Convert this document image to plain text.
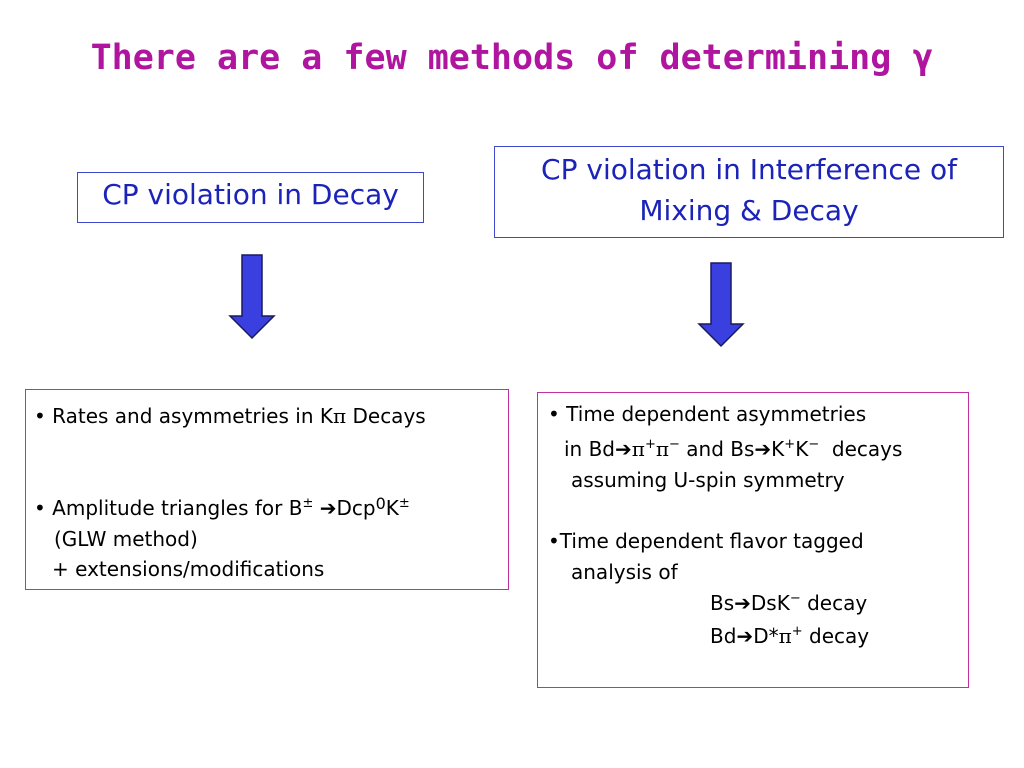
There are a few methods of determining γ
CP violation in Decay
CP violation in Interference of
Mixing & Decay
• Rates and asymmetries in Kπ Decays
• Amplitude triangles for B± ➔Dcp$^0$K±
(GLW method)
+ extensions/modifications
• Time dependent asymmetries
in Bd➔π+π− and Bs➔K+K−  decays
assuming U-spin symmetry
•Time dependent flavor tagged
analysis of
Bs➔DsK− decay
Bd➔D*π+ decay
